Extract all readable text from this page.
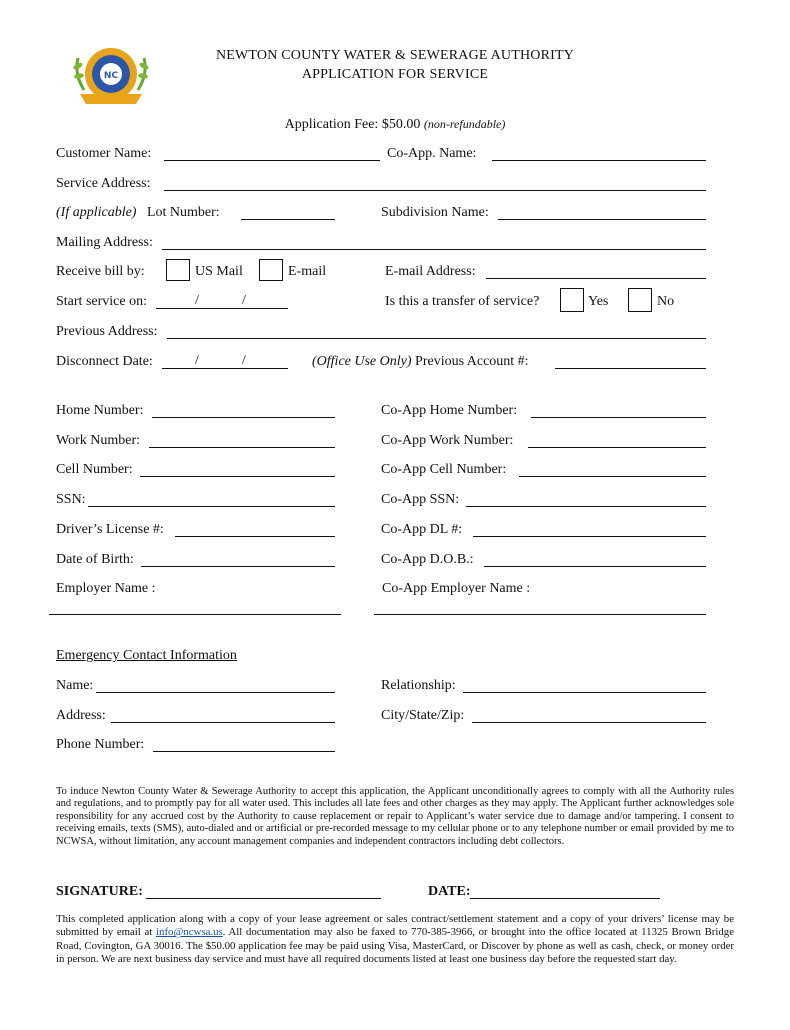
NC
NEWTON COUNTY WATER & SEWERAGE AUTHORITY
APPLICATION FOR SERVICE
Application Fee: $50.00 (non-refundable)
Customer Name:	Co-App. Name:
Service Address:
(If applicable) Lot Number:	Subdivision Name:
Mailing Address:
Receive bill by:	US Mail	E-mail	E-mail Address:
Start service on:	/	/	Is this a transfer of service?	Yes	No
Previous Address:
Disconnect Date:	/	/	(Office Use Only) Previous Account #:
Home Number:	Co-App Home Number:
Work Number:	Co-App Work Number:
Cell Number:	Co-App Cell Number:
SSN:	Co-App SSN:
Driver’s License #:	Co-App DL #:
Date of Birth:	Co-App D.O.B.:
Employer Name :	Co-App Employer Name :
Emergency Contact Information
Name:	Relationship:
Address:	City/State/Zip:
Phone Number:
To induce Newton County Water & Sewerage Authority to accept this application, the Applicant unconditionally agrees to comply with all the Authority rules and regulations, and to promptly pay for all water used. This includes all late fees and other charges as they may apply. The Applicant further acknowledges sole responsibility for any accrued cost by the Authority to cause replacement or repair to Applicant’s water service due to damage and/or tampering. I consent to receiving emails, texts (SMS), auto-dialed and or artificial or pre-recorded message to my cellular phone or to any telephone number or email provided by me to NCWSA, without limitation, any account management companies and independent contractors including debt collectors.
SIGNATURE:	DATE:
This completed application along with a copy of your lease agreement or sales contract/settlement statement and a copy of your drivers’ license may be submitted by email at info@ncwsa.us. All documentation may also be faxed to 770-385-3966, or brought into the office located at 11325 Brown Bridge Road, Covington, GA 30016. The $50.00 application fee may be paid using Visa, MasterCard, or Discover by phone as well as cash, check, or money order in person. We are next business day service and must have all required documents listed at least one business day before the requested start day.
